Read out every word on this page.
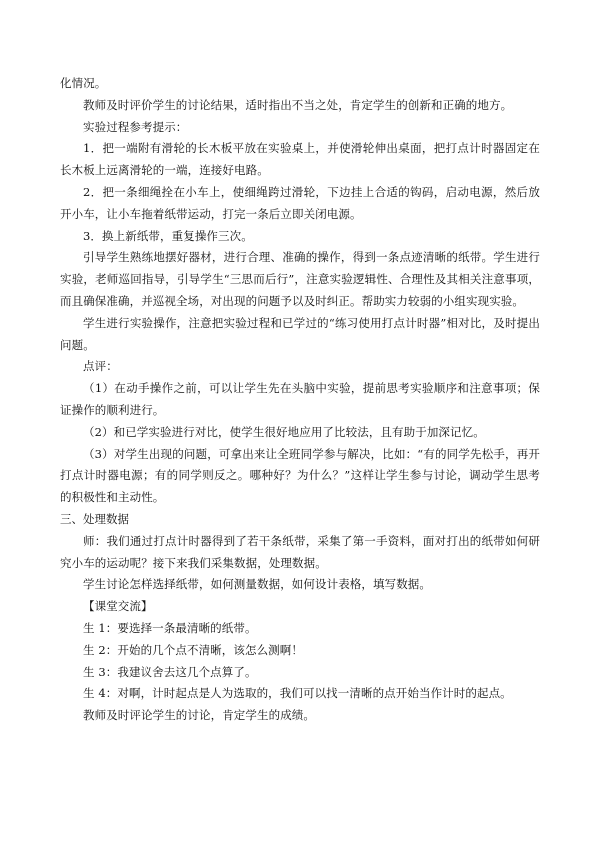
化情况。

教师及时评价学生的讨论结果，适时指出不当之处，肯定学生的创新和正确的地方。

实验过程参考提示：

1．把一端附有滑轮的长木板平放在实验桌上，并使滑轮伸出桌面，把打点计时器固定在长木板上远离滑轮的一端，连接好电路。

2．把一条细绳拴在小车上，使细绳跨过滑轮，下边挂上合适的钩码，启动电源，然后放开小车，让小车拖着纸带运动，打完一条后立即关闭电源。

3．换上新纸带，重复操作三次。

引导学生熟练地摆好器材，进行合理、准确的操作，得到一条点迹清晰的纸带。学生进行实验，老师巡回指导，引导学生“三思而后行”，注意实验逻辑性、合理性及其相关注意事项，而且确保准确，并巡视全场，对出现的问题予以及时纠正。帮助实力较弱的小组实现实验。

学生进行实验操作，注意把实验过程和已学过的“练习使用打点计时器”相对比，及时提出问题。

点评：

（1）在动手操作之前，可以让学生先在头脑中实验，提前思考实验顺序和注意事项；保证操作的顺利进行。

（2）和已学实验进行对比，使学生很好地应用了比较法，且有助于加深记忆。

（3）对学生出现的问题，可拿出来让全班同学参与解决，比如：“有的同学先松手，再开打点计时器电源；有的同学则反之。哪种好？为什么？”这样让学生参与讨论，调动学生思考的积极性和主动性。

三、处理数据

师：我们通过打点计时器得到了若干条纸带，采集了第一手资料，面对打出的纸带如何研究小车的运动呢？接下来我们采集数据，处理数据。

学生讨论怎样选择纸带，如何测量数据，如何设计表格，填写数据。

【课堂交流】

生 1：要选择一条最清晰的纸带。

生 2：开始的几个点不清晰，该怎么测啊！

生 3：我建议舍去这几个点算了。

生 4：对啊，计时起点是人为选取的，我们可以找一清晰的点开始当作计时的起点。

教师及时评论学生的讨论，肯定学生的成绩。
